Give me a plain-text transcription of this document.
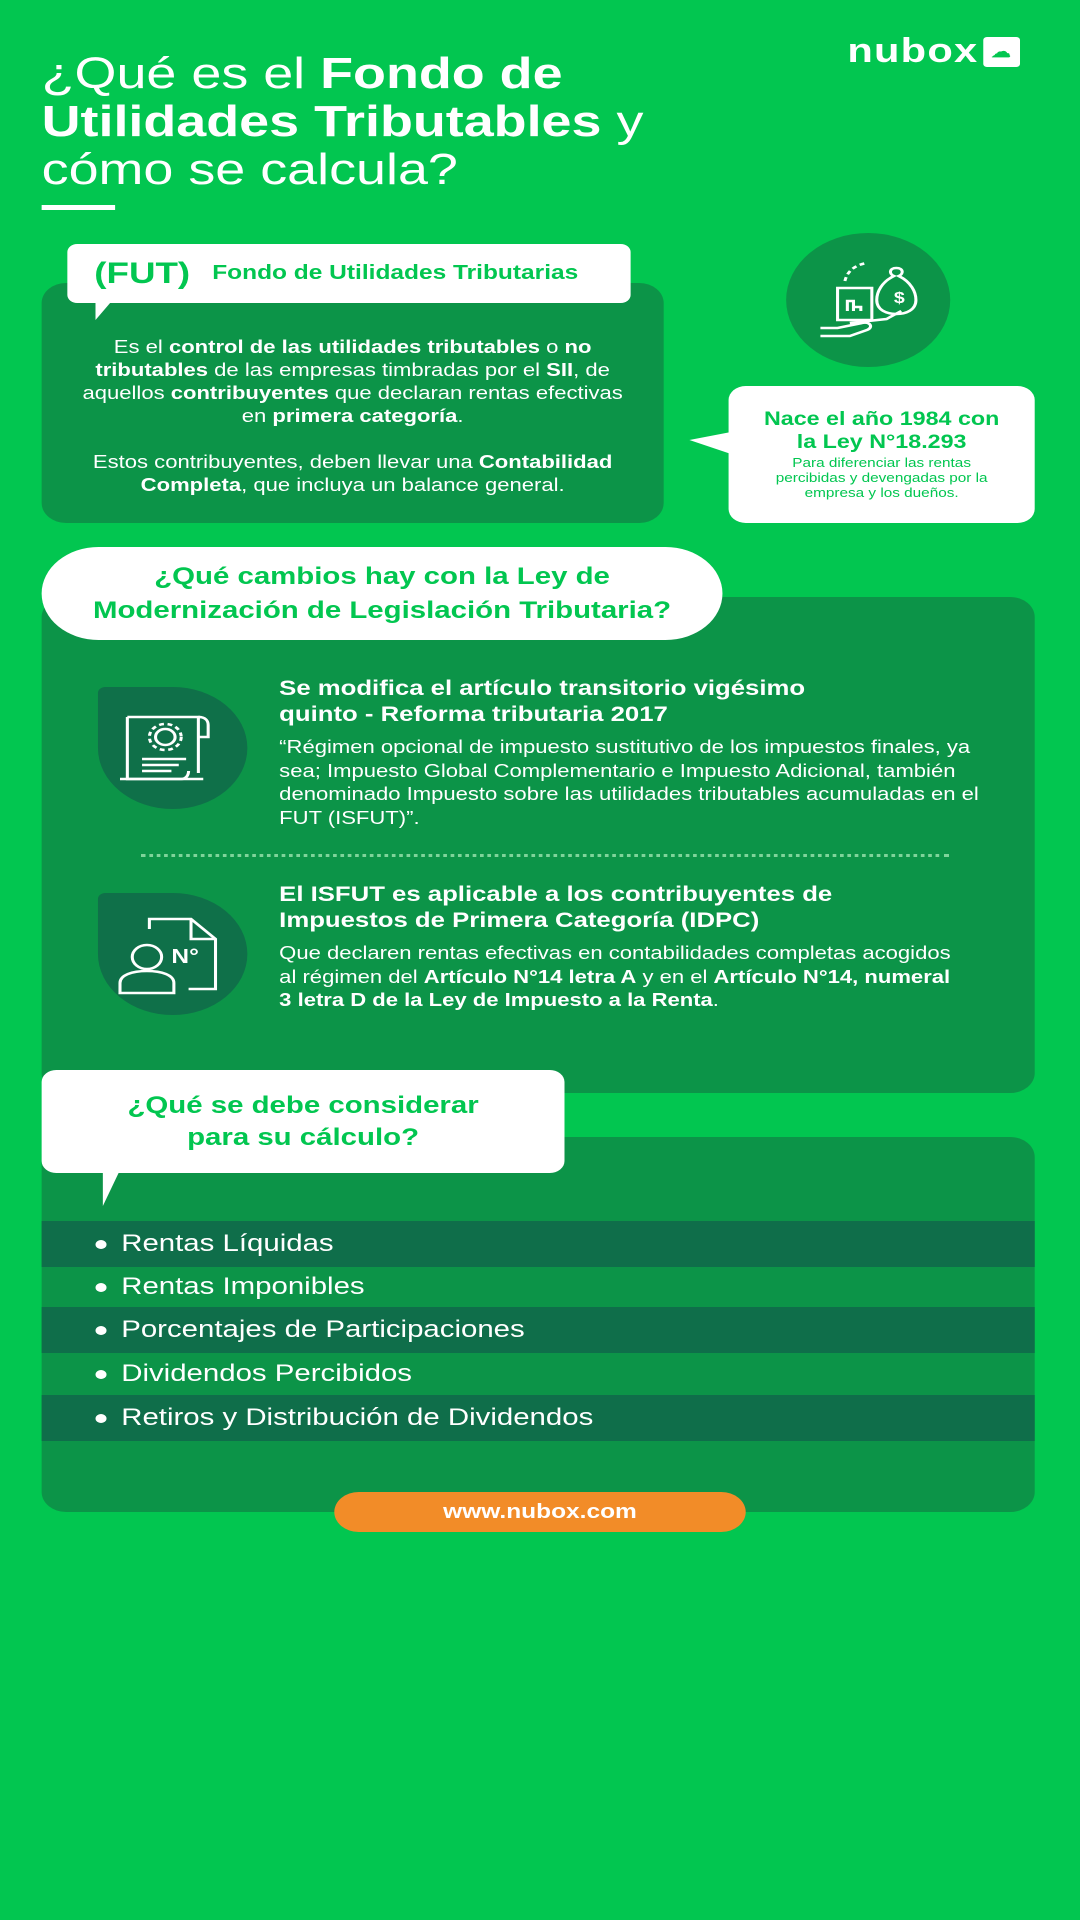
nubox ☁
¿Qué es el Fondo de
Utilidades Tributables y
cómo se calcula?
(FUT) Fondo de Utilidades Tributarias

Es el control de las utilidades tributables o no tributables de las empresas timbradas por el SII, de aquellos contribuyentes que declaran rentas efectivas en primera categoría.

Estos contribuyentes, deben llevar una Contabilidad Completa, que incluya un balance general.

$
Nace el año 1984 con la Ley N°18.293
Para diferenciar las rentas percibidas y devengadas por la empresa y los dueños.
¿Qué cambios hay con la Ley de Modernización de Legislación Tributaria?
Se modifica el artículo transitorio vigésimo quinto - Reforma tributaria 2017
“Régimen opcional de impuesto sustitutivo de los impuestos finales, ya sea; Impuesto Global Complementario e Impuesto Adicional, también denominado Impuesto sobre las utilidades tributables acumuladas en el FUT (ISFUT)”.
N°
El ISFUT es aplicable a los contribuyentes de Impuestos de Primera Categoría (IDPC)
Que declaren rentas efectivas en contabilidades completas acogidos al régimen del Artículo N°14 letra A y en el Artículo N°14, numeral 3 letra D de la Ley de Impuesto a la Renta.
¿Qué se debe considerar para su cálculo?
Rentas Líquidas
Rentas Imponibles
Porcentajes de Participaciones
Dividendos Percibidos
Retiros y Distribución de Dividendos
www.nubox.com
